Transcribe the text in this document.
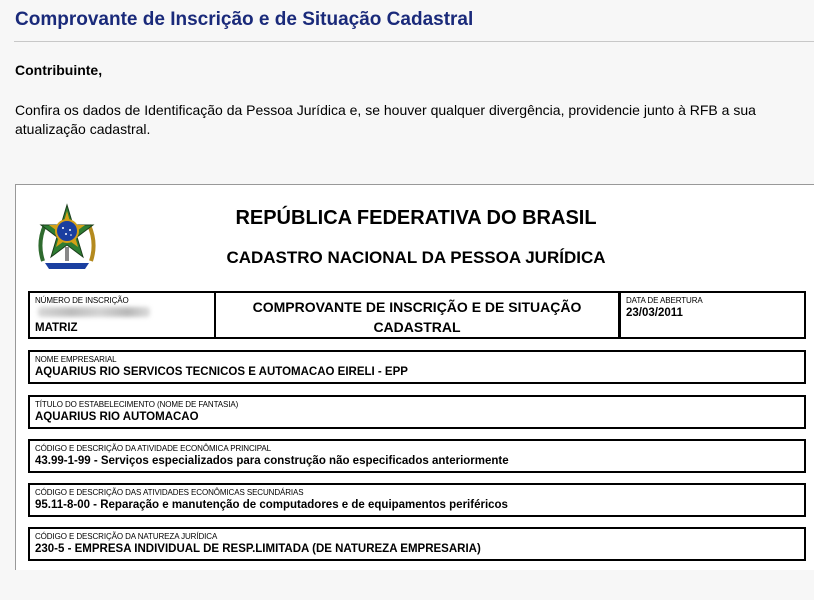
Comprovante de Inscrição e de Situação Cadastral
Contribuinte,
Confira os dados de Identificação da Pessoa Jurídica e, se houver qualquer divergência, providencie junto à RFB a sua atualização cadastral.
REPÚBLICA FEDERATIVA DO BRASIL
CADASTRO NACIONAL DA PESSOA JURÍDICA
NÚMERO DE INSCRIÇÃO
MATRIZ
COMPROVANTE DE INSCRIÇÃO E DE SITUAÇÃO
CADASTRAL
DATA DE ABERTURA
23/03/2011
NOME EMPRESARIAL
AQUARIUS RIO SERVICOS TECNICOS E AUTOMACAO EIRELI - EPP
TÍTULO DO ESTABELECIMENTO (NOME DE FANTASIA)
AQUARIUS RIO AUTOMACAO
CÓDIGO E DESCRIÇÃO DA ATIVIDADE ECONÔMICA PRINCIPAL
43.99-1-99 - Serviços especializados para construção não especificados anteriormente
CÓDIGO E DESCRIÇÃO DAS ATIVIDADES ECONÔMICAS SECUNDÁRIAS
95.11-8-00 - Reparação e manutenção de computadores e de equipamentos periféricos
CÓDIGO E DESCRIÇÃO DA NATUREZA JURÍDICA
230-5 - EMPRESA INDIVIDUAL DE RESP.LIMITADA (DE NATUREZA EMPRESARIA)
